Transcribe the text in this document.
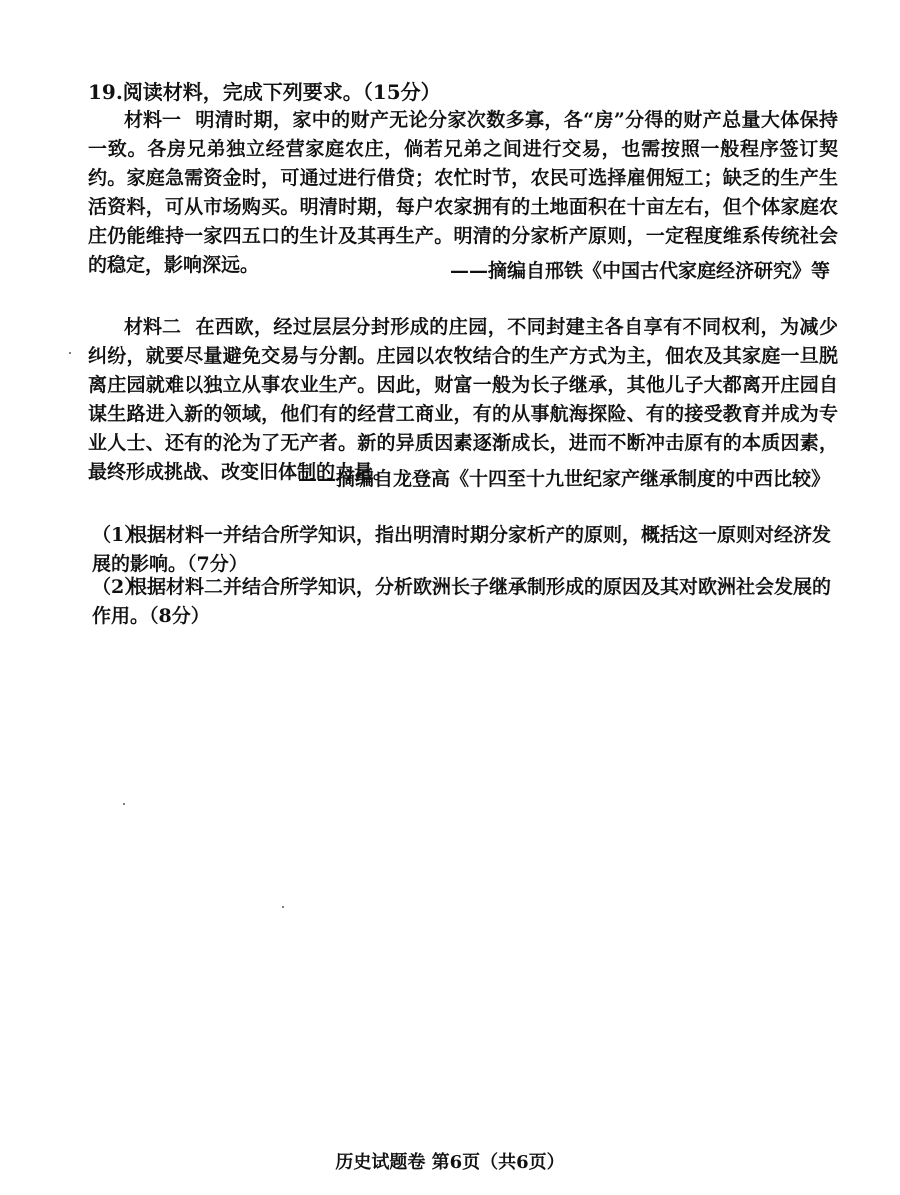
19.阅读材料，完成下列要求。（15分）
材料一 明清时期，家中的财产无论分家次数多寡，各“房”分得的财产总量大体保持一致。各房兄弟独立经营家庭农庄，倘若兄弟之间进行交易，也需按照一般程序签订契约。家庭急需资金时，可通过进行借贷；农忙时节，农民可选择雇佣短工；缺乏的生产生活资料，可从市场购买。明清时期，每户农家拥有的土地面积在十亩左右，但个体家庭农庄仍能维持一家四五口的生计及其再生产。明清的分家析产原则，一定程度维系传统社会的稳定，影响深远。	——摘编自邢铁《中国古代家庭经济研究》等
材料二 在西欧，经过层层分封形成的庄园，不同封建主各自享有不同权利，为减少纠纷，就要尽量避免交易与分割。庄园以农牧结合的生产方式为主，佃农及其家庭一旦脱离庄园就难以独立从事农业生产。因此，财富一般为长子继承，其他儿子大都离开庄园自谋生路进入新的领域，他们有的经营工商业，有的从事航海探险、有的接受教育并成为专业人士、还有的沦为了无产者。新的异质因素逐渐成长，进而不断冲击原有的本质因素，最终形成挑战、改变旧体制的力量。
——摘编自龙登高《十四至十九世纪家产继承制度的中西比较》
（1）根据材料一并结合所学知识，指出明清时期分家析产的原则，概括这一原则对经济发展的影响。（7分）
（2）根据材料二并结合所学知识，分析欧洲长子继承制形成的原因及其对欧洲社会发展的作用。（8分）
历史试题卷 第6页（共6页）
